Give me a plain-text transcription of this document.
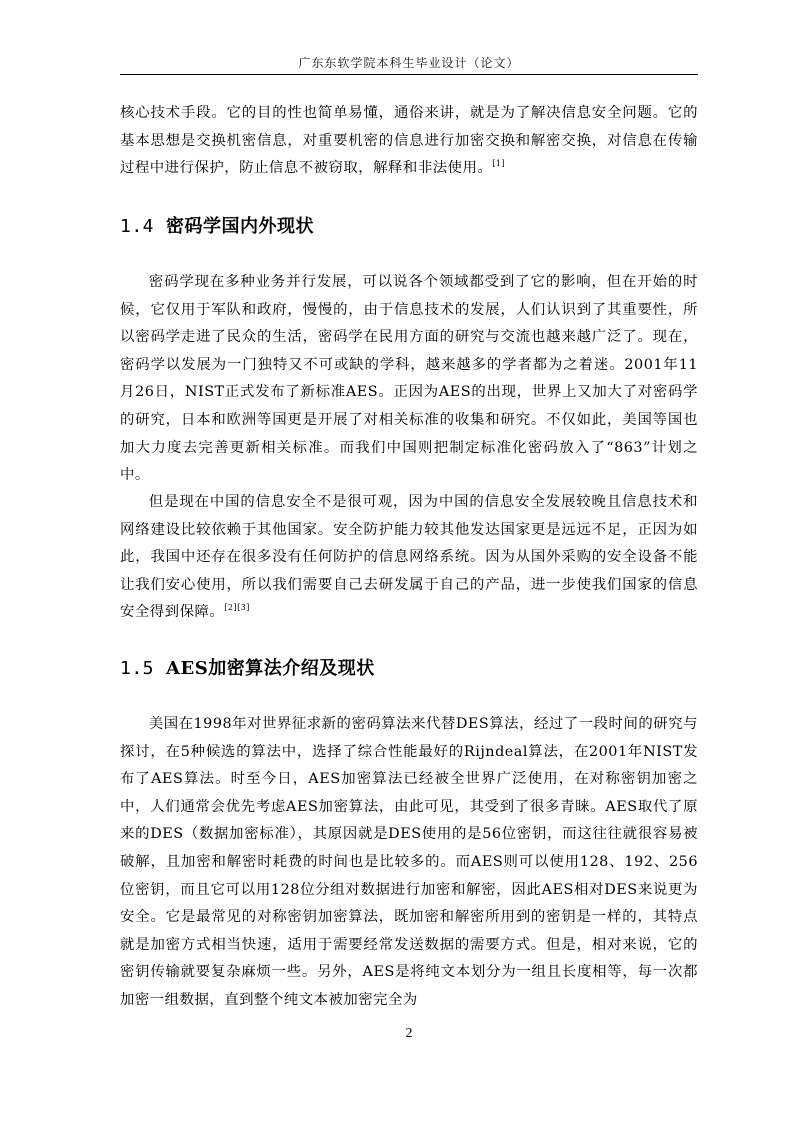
广东东软学院本科生毕业设计（论文）

核心技术手段。它的目的性也简单易懂，通俗来讲，就是为了解决信息安全问题。它的基本思想是交换机密信息，对重要机密的信息进行加密交换和解密交换，对信息在传输过程中进行保护，防止信息不被窃取，解释和非法使用。[1]

1.4 密码学国内外现状

密码学现在多种业务并行发展，可以说各个领域都受到了它的影响，但在开始的时候，它仅用于军队和政府，慢慢的，由于信息技术的发展，人们认识到了其重要性，所以密码学走进了民众的生活，密码学在民用方面的研究与交流也越来越广泛了。现在，密码学以发展为一门独特又不可或缺的学科，越来越多的学者都为之着迷。2001年11月26日，NIST正式发布了新标准AES。正因为AES的出现，世界上又加大了对密码学的研究，日本和欧洲等国更是开展了对相关标准的收集和研究。不仅如此，美国等国也加大力度去完善更新相关标准。而我们中国则把制定标准化密码放入了“863”计划之中。

但是现在中国的信息安全不是很可观，因为中国的信息安全发展较晚且信息技术和网络建设比较依赖于其他国家。安全防护能力较其他发达国家更是远远不足，正因为如此，我国中还存在很多没有任何防护的信息网络系统。因为从国外采购的安全设备不能让我们安心使用，所以我们需要自己去研发属于自己的产品，进一步使我们国家的信息安全得到保障。[2][3]

1.5 AES加密算法介绍及现状

美国在1998年对世界征求新的密码算法来代替DES算法，经过了一段时间的研究与探讨，在5种候选的算法中，选择了综合性能最好的Rijndeal算法，在2001年NIST发布了AES算法。时至今日，AES加密算法已经被全世界广泛使用，在对称密钥加密之中，人们通常会优先考虑AES加密算法，由此可见，其受到了很多青睐。AES取代了原来的DES（数据加密标准），其原因就是DES使用的是56位密钥，而这往往就很容易被破解，且加密和解密时耗费的时间也是比较多的。而AES则可以使用128、192、256位密钥，而且它可以用128位分组对数据进行加密和解密，因此AES相对DES来说更为安全。它是最常见的对称密钥加密算法，既加密和解密所用到的密钥是一样的，其特点就是加密方式相当快速，适用于需要经常发送数据的需要方式。但是，相对来说，它的密钥传输就要复杂麻烦一些。另外，AES是将纯文本划分为一组且长度相等，每一次都加密一组数据，直到整个纯文本被加密完全为

2
